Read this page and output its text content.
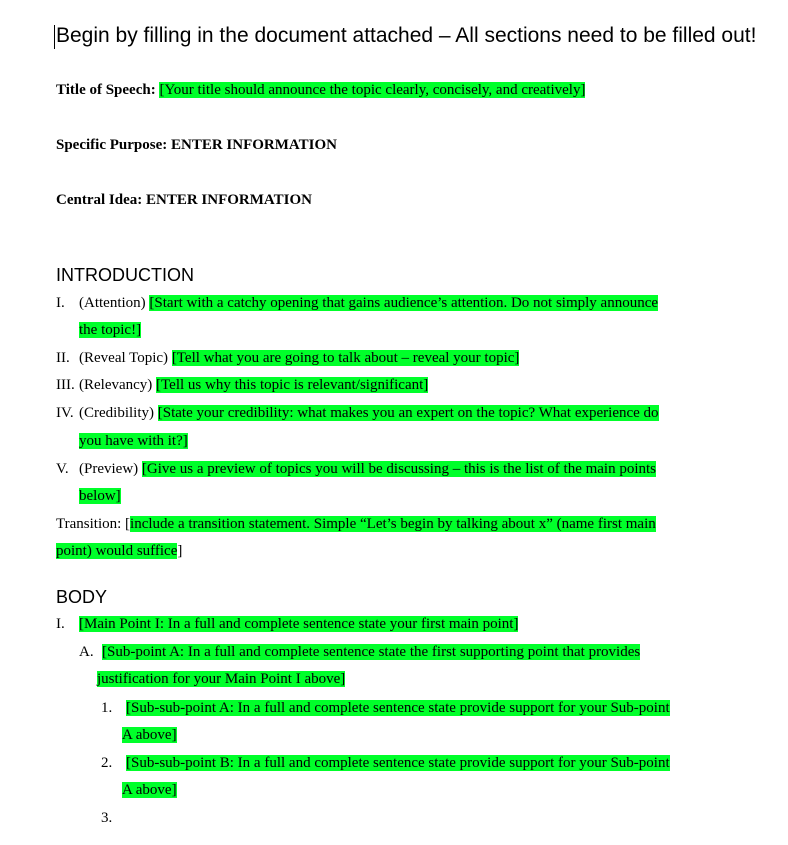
Begin by filling in the document attached – All sections need to be filled out!
Title of Speech: [Your title should announce the topic clearly, concisely, and creatively]
Specific Purpose: ENTER INFORMATION
Central Idea: ENTER INFORMATION
INTRODUCTION
I. (Attention) [Start with a catchy opening that gains audience’s attention. Do not simply announce
the topic!]
II. (Reveal Topic) [Tell what you are going to talk about – reveal your topic]
III. (Relevancy) [Tell us why this topic is relevant/significant]
IV. (Credibility) [State your credibility: what makes you an expert on the topic? What experience do
you have with it?]
V. (Preview) [Give us a preview of topics you will be discussing – this is the list of the main points
below]
Transition: [include a transition statement. Simple “Let’s begin by talking about x” (name first main
point) would suffice]
BODY
I. [Main Point I: In a full and complete sentence state your first main point]
A. [Sub-point A: In a full and complete sentence state the first supporting point that provides
justification for your Main Point I above]
1. [Sub-sub-point A: In a full and complete sentence state provide support for your Sub-point
A above]
2. [Sub-sub-point B: In a full and complete sentence state provide support for your Sub-point
A above]
3.
